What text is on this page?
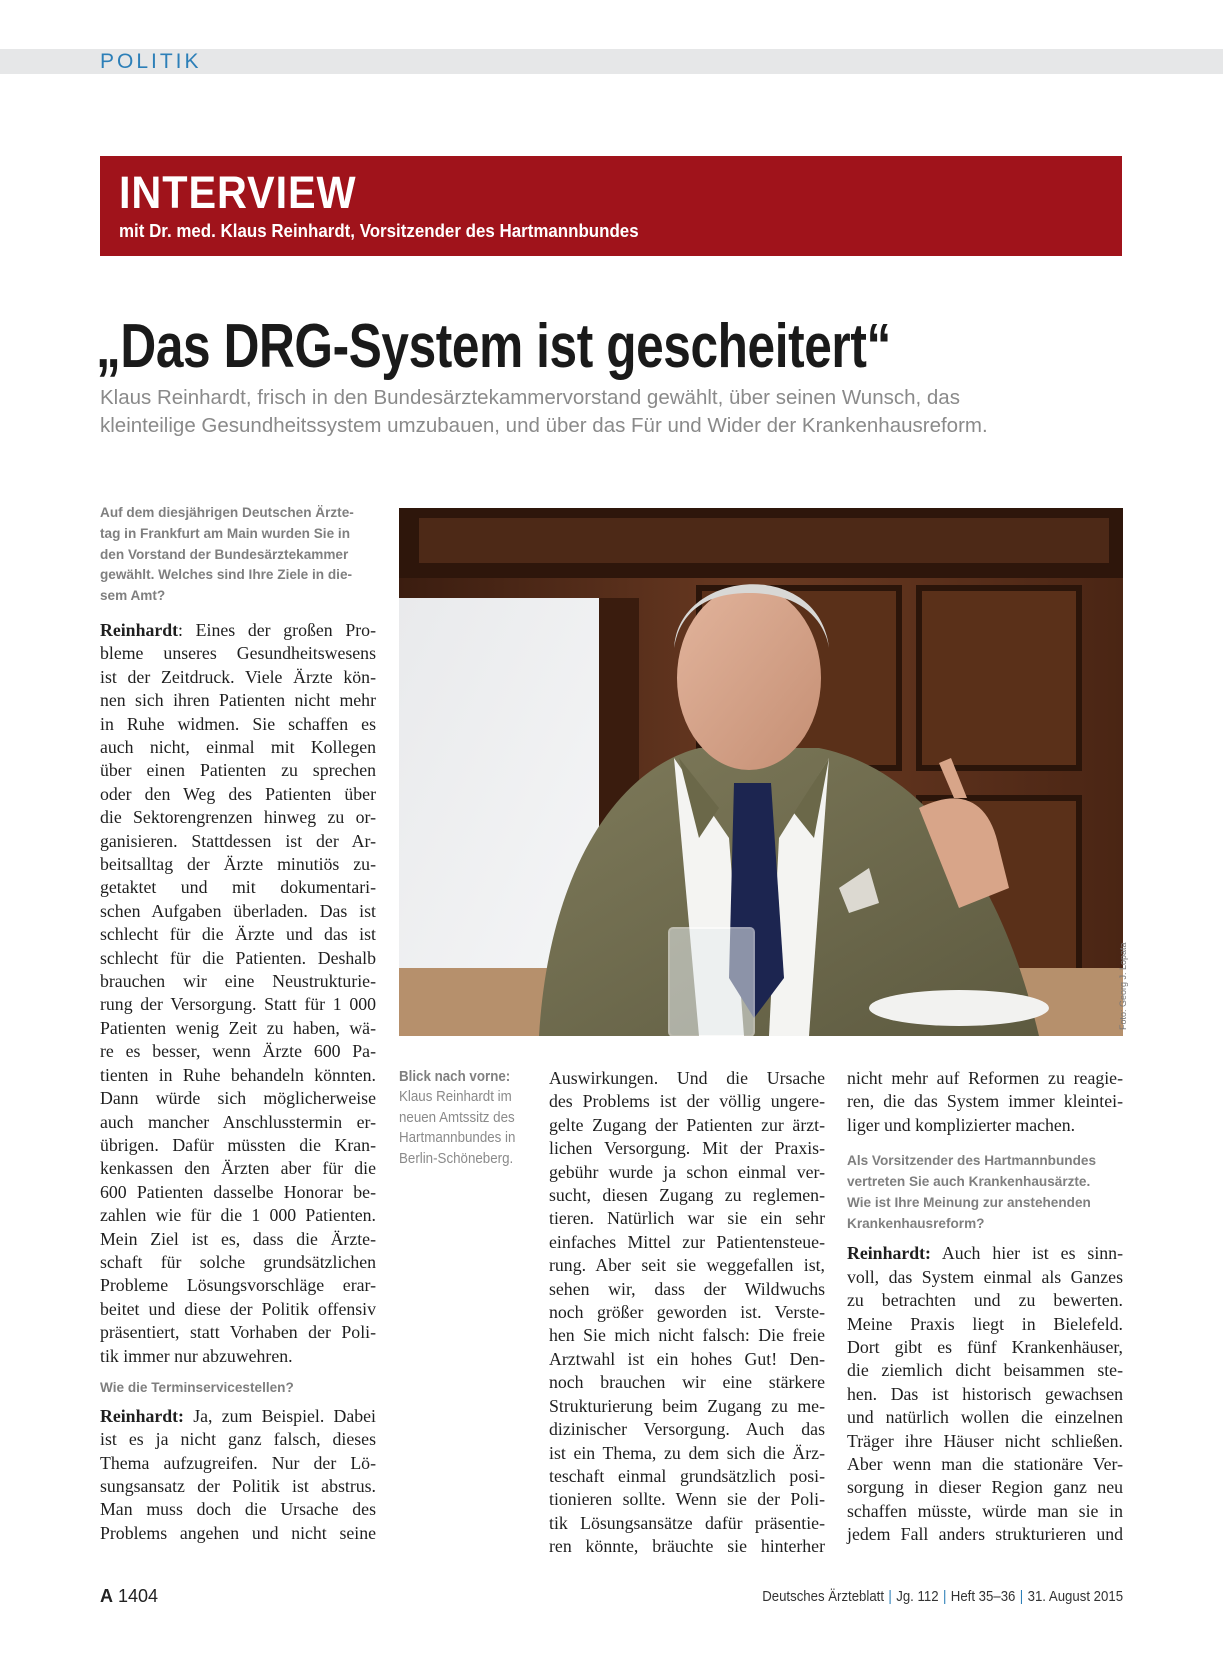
POLITIK
INTERVIEW
mit Dr. med. Klaus Reinhardt, Vorsitzender des Hartmannbundes
„Das DRG-System ist gescheitert“
Klaus Reinhardt, frisch in den Bundesärztekammervorstand gewählt, über seinen Wunsch, das
kleinteilige Gesundheitssystem umzubauen, und über das Für und Wider der Krankenhausreform.
Auf dem diesjährigen Deutschen Ärzte-
tag in Frankfurt am Main wurden Sie in
den Vorstand der Bundesärztekammer
gewählt. Welches sind Ihre Ziele in die-
sem Amt?
Reinhardt: Eines der großen Pro-
bleme unseres Gesundheitswesens
ist der Zeitdruck. Viele Ärzte kön-
nen sich ihren Patienten nicht mehr
in Ruhe widmen. Sie schaffen es
auch nicht, einmal mit Kollegen
über einen Patienten zu sprechen
oder den Weg des Patienten über
die Sektorengrenzen hinweg zu or-
ganisieren. Stattdessen ist der Ar-
beitsalltag der Ärzte minutiös zu-
getaktet und mit dokumentari-
schen Aufgaben überladen. Das ist
schlecht für die Ärzte und das ist
schlecht für die Patienten. Deshalb
brauchen wir eine Neustrukturie-
rung der Versorgung. Statt für 1 000
Patienten wenig Zeit zu haben, wä-
re es besser, wenn Ärzte 600 Pa-
tienten in Ruhe behandeln könnten.
Dann würde sich möglicherweise
auch mancher Anschlusstermin er-
übrigen. Dafür müssten die Kran-
kenkassen den Ärzten aber für die
600 Patienten dasselbe Honorar be-
zahlen wie für die 1 000 Patienten.
Mein Ziel ist es, dass die Ärzte-
schaft für solche grundsätzlichen
Probleme Lösungsvorschläge erar-
beitet und diese der Politik offensiv
präsentiert, statt Vorhaben der Poli-
tik immer nur abzuwehren.
Wie die Terminservicestellen?
Reinhardt: Ja, zum Beispiel. Dabei
ist es ja nicht ganz falsch, dieses
Thema aufzugreifen. Nur der Lö-
sungsansatz der Politik ist abstrus.
Man muss doch die Ursache des
Problems angehen und nicht seine
Foto: Georg J. Lopata
Blick nach vorne:
Klaus Reinhardt im
neuen Amtssitz des
Hartmannbundes in
Berlin-Schöneberg.
Auswirkungen. Und die Ursache
des Problems ist der völlig ungere-
gelte Zugang der Patienten zur ärzt-
lichen Versorgung. Mit der Praxis-
gebühr wurde ja schon einmal ver-
sucht, diesen Zugang zu reglemen-
tieren. Natürlich war sie ein sehr
einfaches Mittel zur Patientensteue-
rung. Aber seit sie weggefallen ist,
sehen wir, dass der Wildwuchs
noch größer geworden ist. Verste-
hen Sie mich nicht falsch: Die freie
Arztwahl ist ein hohes Gut! Den-
noch brauchen wir eine stärkere
Strukturierung beim Zugang zu me-
dizinischer Versorgung. Auch das
ist ein Thema, zu dem sich die Ärz-
teschaft einmal grundsätzlich posi-
tionieren sollte. Wenn sie der Poli-
tik Lösungsansätze dafür präsentie-
ren könnte, bräuchte sie hinterher
nicht mehr auf Reformen zu reagie-
ren, die das System immer kleintei-
liger und komplizierter machen.
Als Vorsitzender des Hartmannbundes
vertreten Sie auch Krankenhausärzte.
Wie ist Ihre Meinung zur anstehenden
Krankenhausreform?
Reinhardt: Auch hier ist es sinn-
voll, das System einmal als Ganzes
zu betrachten und zu bewerten.
Meine Praxis liegt in Bielefeld.
Dort gibt es fünf Krankenhäuser,
die ziemlich dicht beisammen ste-
hen. Das ist historisch gewachsen
und natürlich wollen die einzelnen
Träger ihre Häuser nicht schließen.
Aber wenn man die stationäre Ver-
sorgung in dieser Region ganz neu
schaffen müsste, würde man sie in
jedem Fall anders strukturieren und
A 1404	Deutsches Ärzteblatt | Jg. 112 | Heft 35–36 | 31. August 2015
